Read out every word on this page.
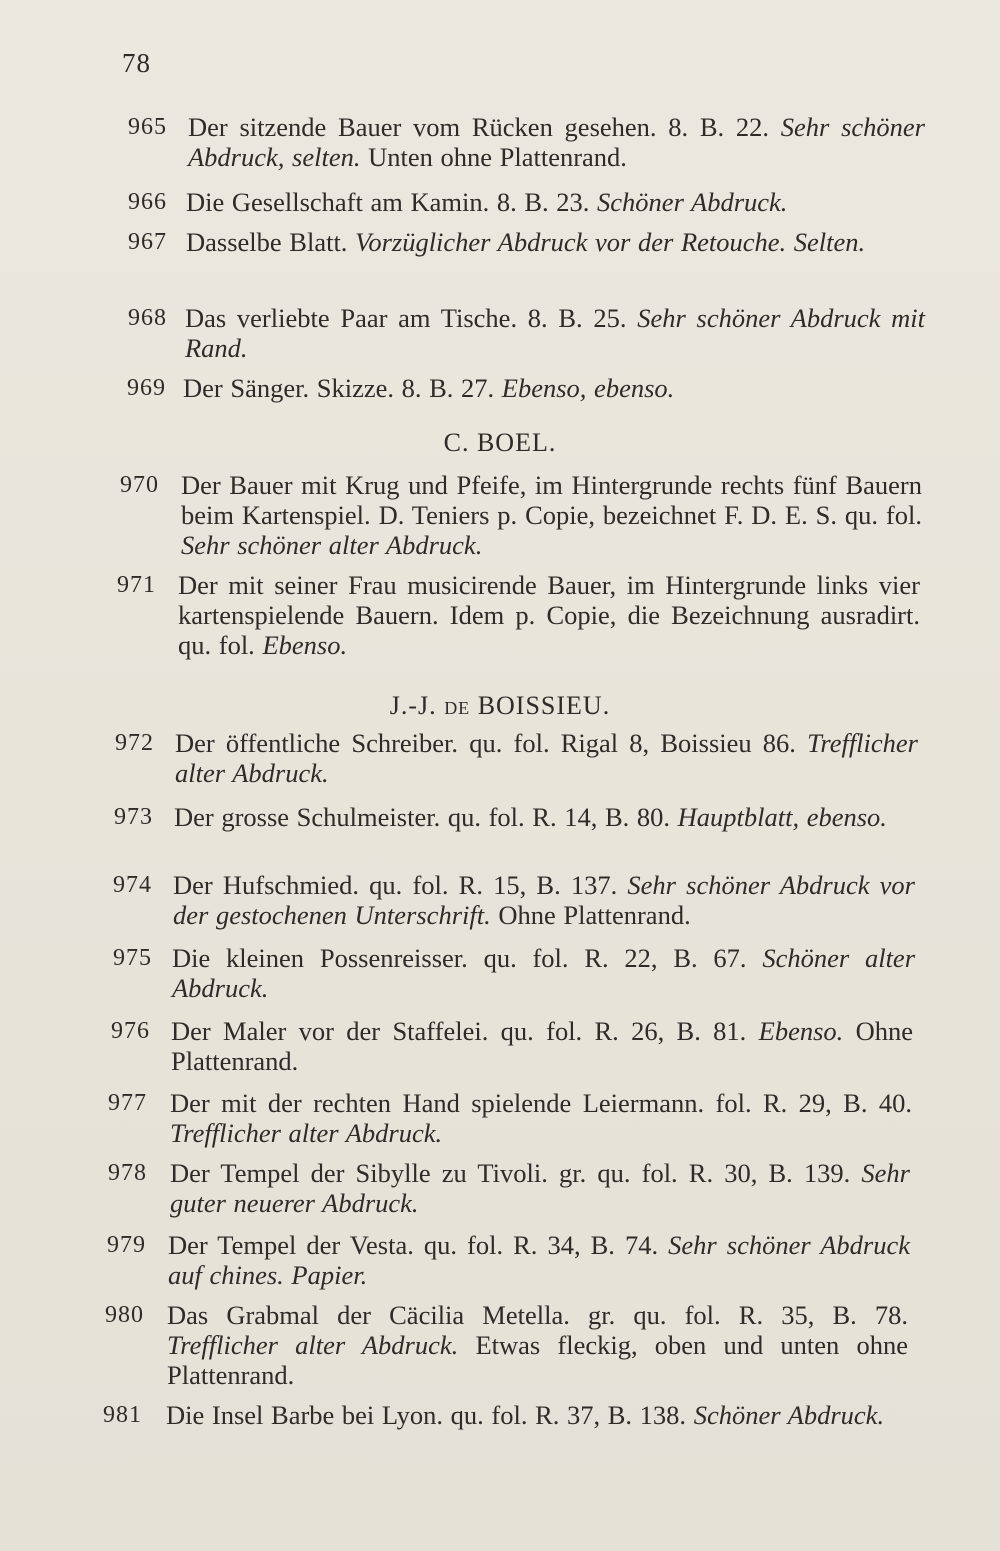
78
C. BOEL.
J.-J. DE BOISSIEU.
965 Der sitzende Bauer vom Rücken gesehen. 8. B. 22. Sehr schöner Abdruck, selten. Unten ohne Plattenrand.
966 Die Gesellschaft am Kamin. 8. B. 23. Schöner Abdruck.
967 Dasselbe Blatt. Vorzüglicher Abdruck vor der Retouche. Selten.
968 Das verliebte Paar am Tische. 8. B. 25. Sehr schöner Abdruck mit Rand.
969 Der Sänger. Skizze. 8. B. 27. Ebenso, ebenso.
970 Der Bauer mit Krug und Pfeife, im Hintergrunde rechts fünf Bauern beim Kartenspiel. D. Teniers p. Copie, bezeichnet F. D. E. S. qu. fol. Sehr schöner alter Abdruck.
971 Der mit seiner Frau musicirende Bauer, im Hintergrunde links vier kartenspielende Bauern. Idem p. Copie, die Bezeichnung ausradirt. qu. fol. Ebenso.
972 Der öffentliche Schreiber. qu. fol. Rigal 8, Boissieu 86. Trefflicher alter Abdruck.
973 Der grosse Schulmeister. qu. fol. R. 14, B. 80. Hauptblatt, ebenso.
974 Der Hufschmied. qu. fol. R. 15, B. 137. Sehr schöner Abdruck vor der gestochenen Unterschrift. Ohne Plattenrand.
975 Die kleinen Possenreisser. qu. fol. R. 22, B. 67. Schöner alter Abdruck.
976 Der Maler vor der Staffelei. qu. fol. R. 26, B. 81. Ebenso. Ohne Plattenrand.
977 Der mit der rechten Hand spielende Leiermann. fol. R. 29, B. 40. Trefflicher alter Abdruck.
978 Der Tempel der Sibylle zu Tivoli. gr. qu. fol. R. 30, B. 139. Sehr guter neuerer Abdruck.
979 Der Tempel der Vesta. qu. fol. R. 34, B. 74. Sehr schöner Abdruck auf chines. Papier.
980 Das Grabmal der Cäcilia Metella. gr. qu. fol. R. 35, B. 78. Trefflicher alter Abdruck. Etwas fleckig, oben und unten ohne Plattenrand.
981 Die Insel Barbe bei Lyon. qu. fol. R. 37, B. 138. Schöner Abdruck.
